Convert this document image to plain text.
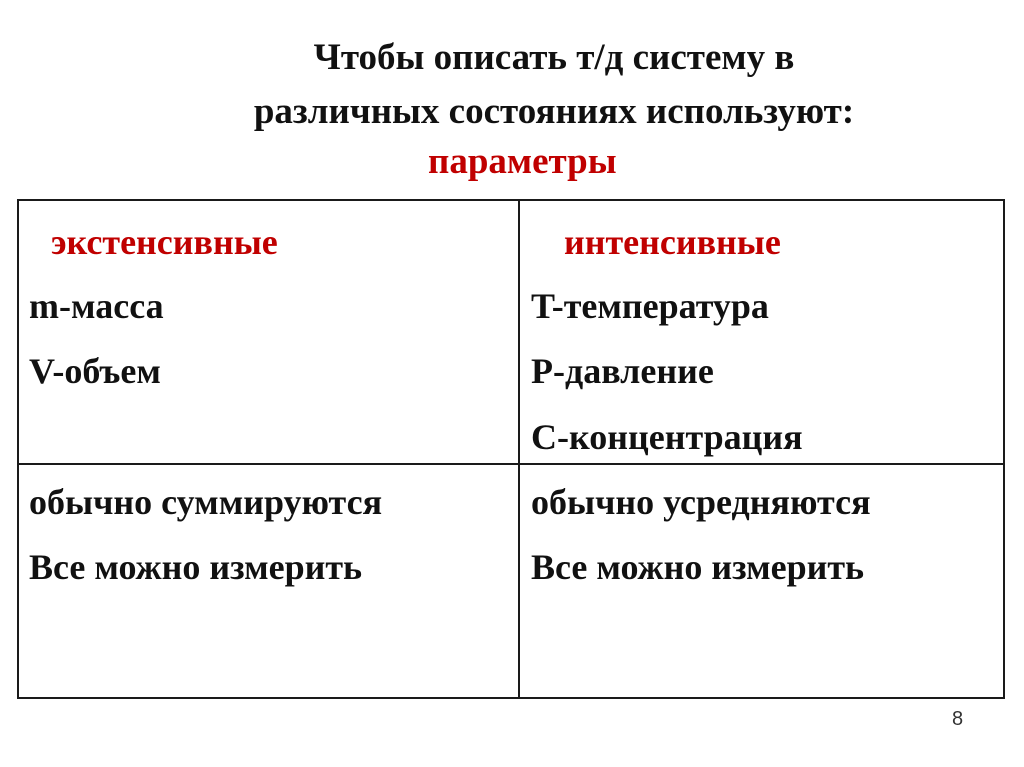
Чтобы описать т/д систему в
различных состояниях используют:
параметры
экстенсивные
m-масса
V-объем
интенсивные
T-температура
P-давление
C-концентрация
обычно суммируются
Все можно измерить
обычно усредняются
Все можно измерить
8
